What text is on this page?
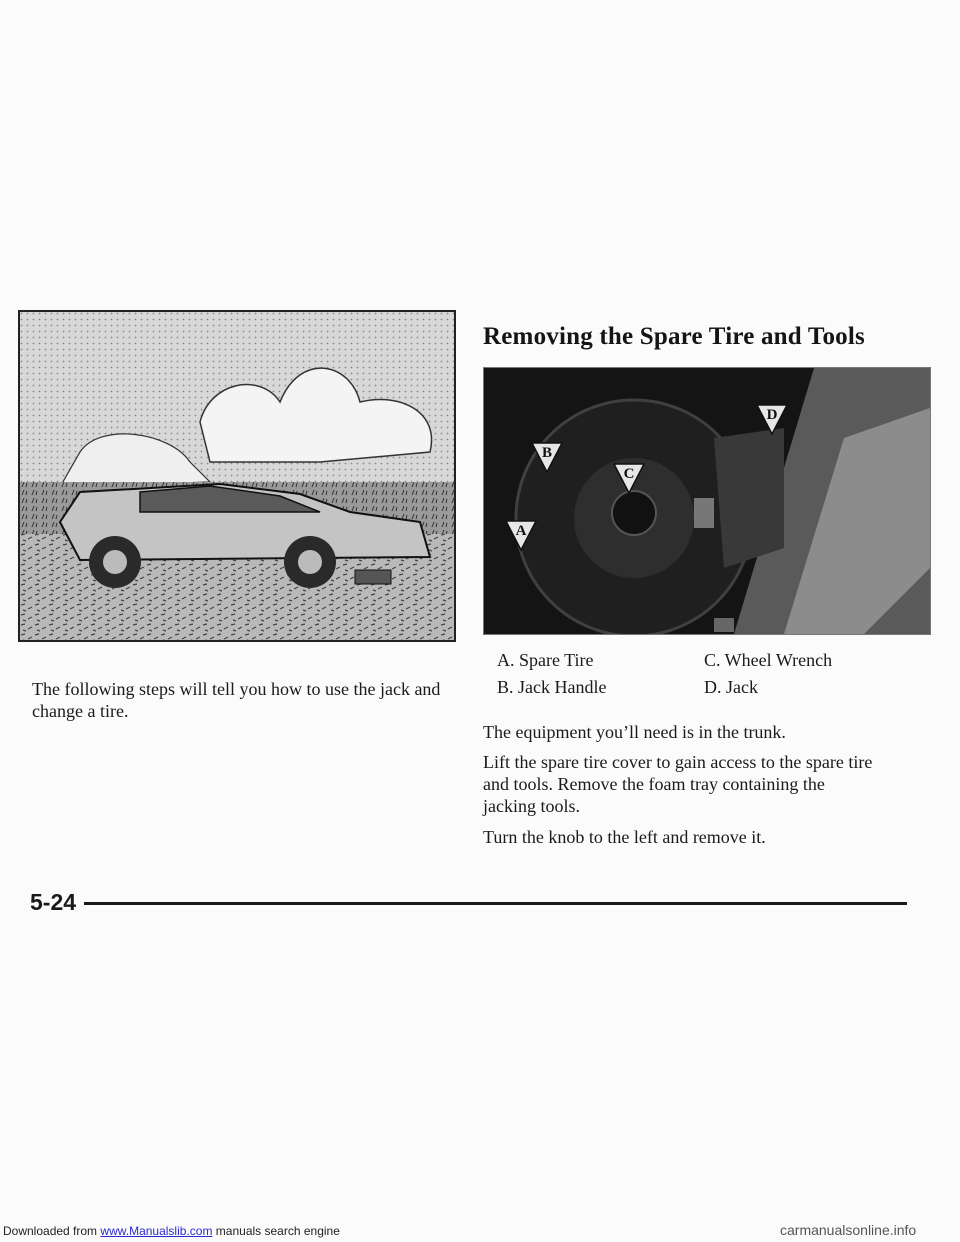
The following steps will tell you how to use the jack and change a tire.
Removing the Spare Tire and Tools
A
B
C
D
A. Spare Tire
B. Jack Handle
C. Wheel Wrench
D. Jack
The equipment you’ll need is in the trunk.
Lift the spare tire cover to gain access to the spare tire and tools. Remove the foam tray containing the jacking tools.
Turn the knob to the left and remove it.
5-24
Downloaded from www.Manualslib.com manuals search engine	carmanualsonline.info
